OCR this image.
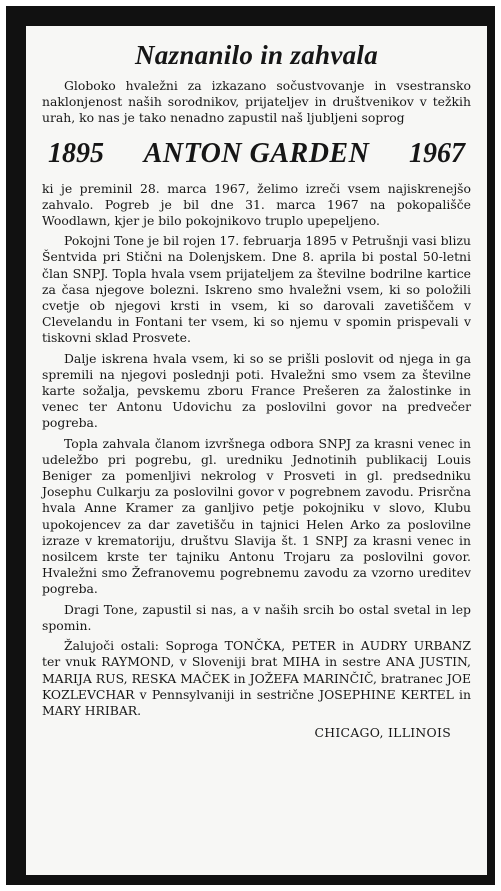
Naznanilo in zahvala

Globoko hvaležni za izkazano sočustvovanje in vsestransko naklonjenost naših sorodnikov, prijateljev in društvenikov v težkih urah, ko nas je tako nenadno zapustil naš ljubljeni soprog

1895 ANTON GARDEN 1967

ki je preminil 28. marca 1967, želimo izreči vsem najiskrenejšo zahvalo. Pogreb je bil dne 31. marca 1967 na pokopališče Woodlawn, kjer je bilo pokojnikovo truplo upepeljeno.

Pokojni Tone je bil rojen 17. februarja 1895 v Petrušnji vasi blizu Šentvida pri Stični na Dolenjskem. Dne 8. aprila bi postal 50-letni član SNPJ. Topla hvala vsem prijateljem za številne bodrilne kartice za časa njegove bolezni. Iskreno smo hvaležni vsem, ki so položili cvetje ob njegovi krsti in vsem, ki so darovali zavetiščem v Clevelandu in Fontani ter vsem, ki so njemu v spomin prispevali v tiskovni sklad Prosvete.

Dalje iskrena hvala vsem, ki so se prišli poslovit od njega in ga spremili na njegovi poslednji poti. Hvaležni smo vsem za številne karte sožalja, pevskemu zboru France Prešeren za žalostinke in venec ter Antonu Udovichu za poslovilni govor na predvečer pogreba.

Topla zahvala članom izvršnega odbora SNPJ za krasni venec in udeležbo pri pogrebu, gl. uredniku Jednotinih publikacij Louis Beniger za pomenljivi nekrolog v Prosveti in gl. predsedniku Josephu Culkarju za poslovilni govor v pogrebnem zavodu. Prisrčna hvala Anne Kramer za ganljivo petje pokojniku v slovo, Klubu upokojencev za dar zavetišču in tajnici Helen Arko za poslovilne izraze v krematoriju, društvu Slavija št. 1 SNPJ za krasni venec in nosilcem krste ter tajniku Antonu Trojaru za poslovilni govor. Hvaležni smo Žefranovemu pogrebnemu zavodu za vzorno ureditev pogreba.

Dragi Tone, zapustil si nas, a v naših srcih bo ostal svetal in lep spomin.

Žalujoči ostali: Soproga TONČKA, PETER in AUDRY URBANZ ter vnuk RAYMOND, v Sloveniji brat MIHA in sestre ANA JUSTIN, MARIJA RUS, RESKA MAČEK in JOŽEFA MARINČIČ, bratranec JOE KOZLEVCHAR v Pennsylvaniji in sestrične JOSEPHINE KERTEL in MARY HRIBAR.

CHICAGO, ILLINOIS
